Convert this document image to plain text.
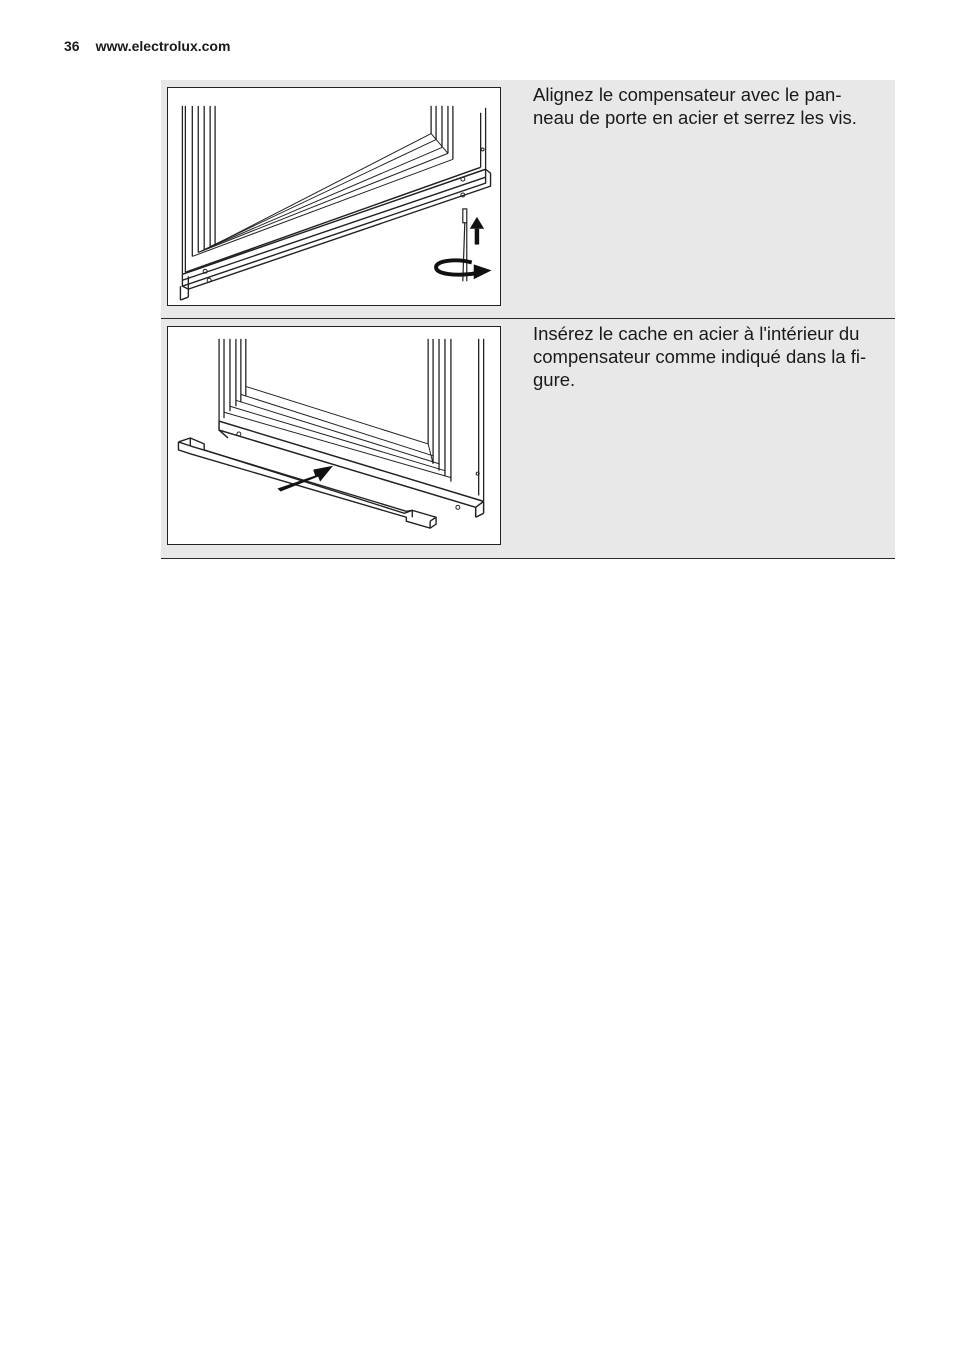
36 www.electrolux.com
Alignez le compensateur avec le pan-
neau de porte en acier et serrez les vis.
Insérez le cache en acier à l'intérieur du
compensateur comme indiqué dans la fi-
gure.
